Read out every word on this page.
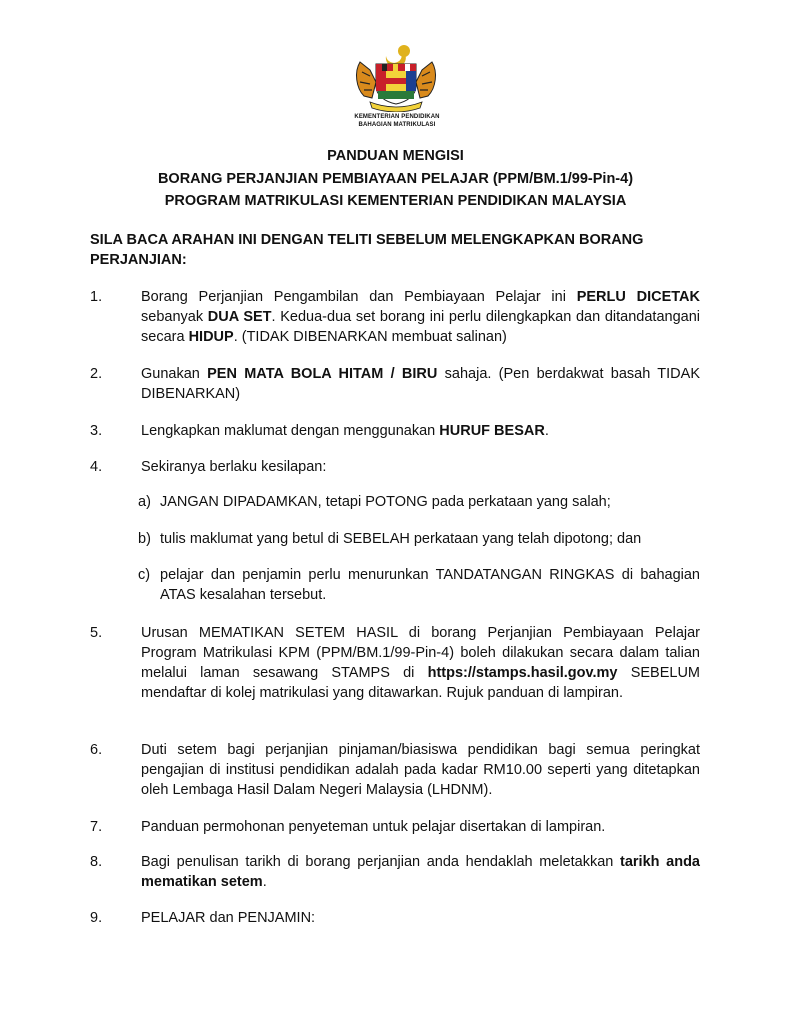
KEMENTERIAN PENDIDIKAN
BAHAGIAN MATRIKULASI
PANDUAN MENGISI
BORANG PERJANJIAN PEMBIAYAAN PELAJAR (PPM/BM.1/99-Pin-4)
PROGRAM MATRIKULASI KEMENTERIAN PENDIDIKAN MALAYSIA
SILA BACA ARAHAN INI DENGAN TELITI SEBELUM MELENGKAPKAN BORANG PERJANJIAN:
1.	Borang Perjanjian Pengambilan dan Pembiayaan Pelajar ini PERLU DICETAK sebanyak DUA SET. Kedua-dua set borang ini perlu dilengkapkan dan ditandatangani secara HIDUP. (TIDAK DIBENARKAN membuat salinan)
2.	Gunakan PEN MATA BOLA HITAM / BIRU sahaja. (Pen berdakwat basah TIDAK DIBENARKAN)
3.	Lengkapkan maklumat dengan menggunakan HURUF BESAR.
4.	Sekiranya berlaku kesilapan:
a) JANGAN DIPADAMKAN, tetapi POTONG pada perkataan yang salah;
b) tulis maklumat yang betul di SEBELAH perkataan yang telah dipotong; dan
c) pelajar dan penjamin perlu menurunkan TANDATANGAN RINGKAS di bahagian ATAS kesalahan tersebut.
5.	Urusan MEMATIKAN SETEM HASIL di borang Perjanjian Pembiayaan Pelajar Program Matrikulasi KPM (PPM/BM.1/99-Pin-4) boleh dilakukan secara dalam talian melalui laman sesawang STAMPS di https://stamps.hasil.gov.my SEBELUM mendaftar di kolej matrikulasi yang ditawarkan. Rujuk panduan di lampiran.
6.	Duti setem bagi perjanjian pinjaman/biasiswa pendidikan bagi semua peringkat pengajian di institusi pendidikan adalah pada kadar RM10.00 seperti yang ditetapkan oleh Lembaga Hasil Dalam Negeri Malaysia (LHDNM).
7.	Panduan permohonan penyeteman untuk pelajar disertakan di lampiran.
8.	Bagi penulisan tarikh di borang perjanjian anda hendaklah meletakkan tarikh anda mematikan setem.
9.	PELAJAR dan PENJAMIN:
